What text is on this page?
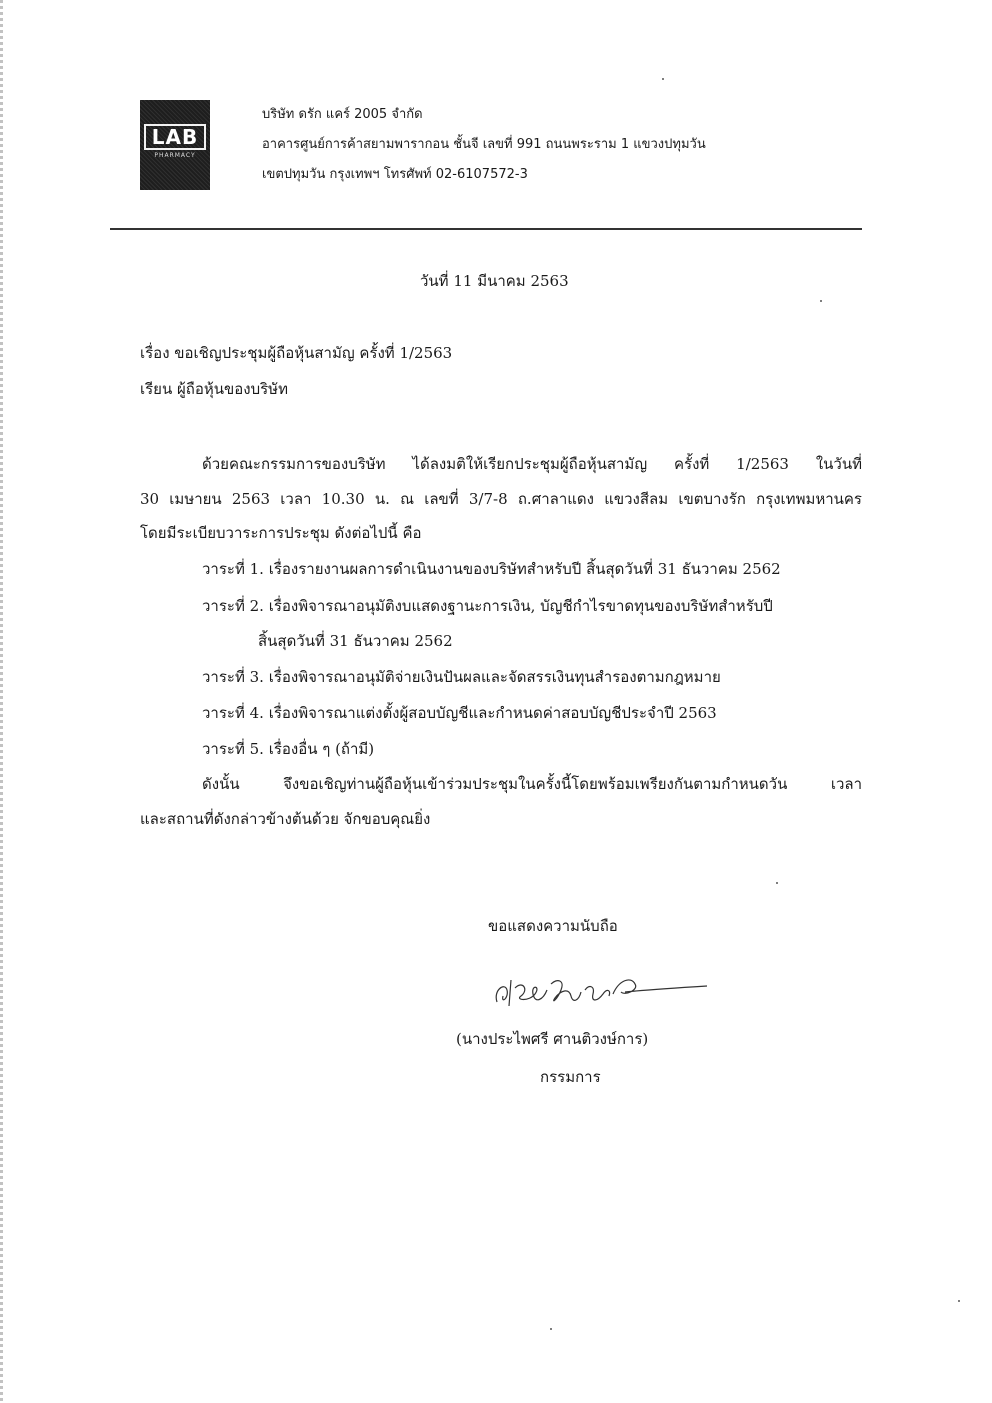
LAB
PHARMACY
บริษัท ดรัก แคร์ 2005 จำกัด
อาคารศูนย์การค้าสยามพารากอน ชั้นจี เลขที่ 991 ถนนพระราม 1 แขวงปทุมวัน
เขตปทุมวัน กรุงเทพฯ โทรศัพท์ 02-6107572-3
วันที่ 11 มีนาคม 2563
เรื่อง ขอเชิญประชุมผู้ถือหุ้นสามัญ ครั้งที่ 1/2563
เรียน ผู้ถือหุ้นของบริษัท
ด้วยคณะกรรมการของบริษัท ได้ลงมติให้เรียกประชุมผู้ถือหุ้นสามัญ ครั้งที่ 1/2563 ในวันที่
30 เมษายน 2563 เวลา 10.30 น. ณ เลขที่ 3/7-8 ถ.ศาลาแดง แขวงสีลม เขตบางรัก กรุงเทพมหานคร
โดยมีระเบียบวาระการประชุม ดังต่อไปนี้ คือ
วาระที่ 1. เรื่องรายงานผลการดำเนินงานของบริษัทสำหรับปี สิ้นสุดวันที่ 31 ธันวาคม 2562
วาระที่ 2. เรื่องพิจารณาอนุมัติงบแสดงฐานะการเงิน, บัญชีกำไรขาดทุนของบริษัทสำหรับปี
สิ้นสุดวันที่ 31 ธันวาคม 2562
วาระที่ 3. เรื่องพิจารณาอนุมัติจ่ายเงินปันผลและจัดสรรเงินทุนสำรองตามกฎหมาย
วาระที่ 4. เรื่องพิจารณาแต่งตั้งผู้สอบบัญชีและกำหนดค่าสอบบัญชีประจำปี 2563
วาระที่ 5. เรื่องอื่น ๆ (ถ้ามี)
ดังนั้น จึงขอเชิญท่านผู้ถือหุ้นเข้าร่วมประชุมในครั้งนี้โดยพร้อมเพรียงกันตามกำหนดวัน เวลา
และสถานที่ดังกล่าวข้างต้นด้วย จักขอบคุณยิ่ง
ขอแสดงความนับถือ
(นางประไพศรี ศานติวงษ์การ)
กรรมการ
